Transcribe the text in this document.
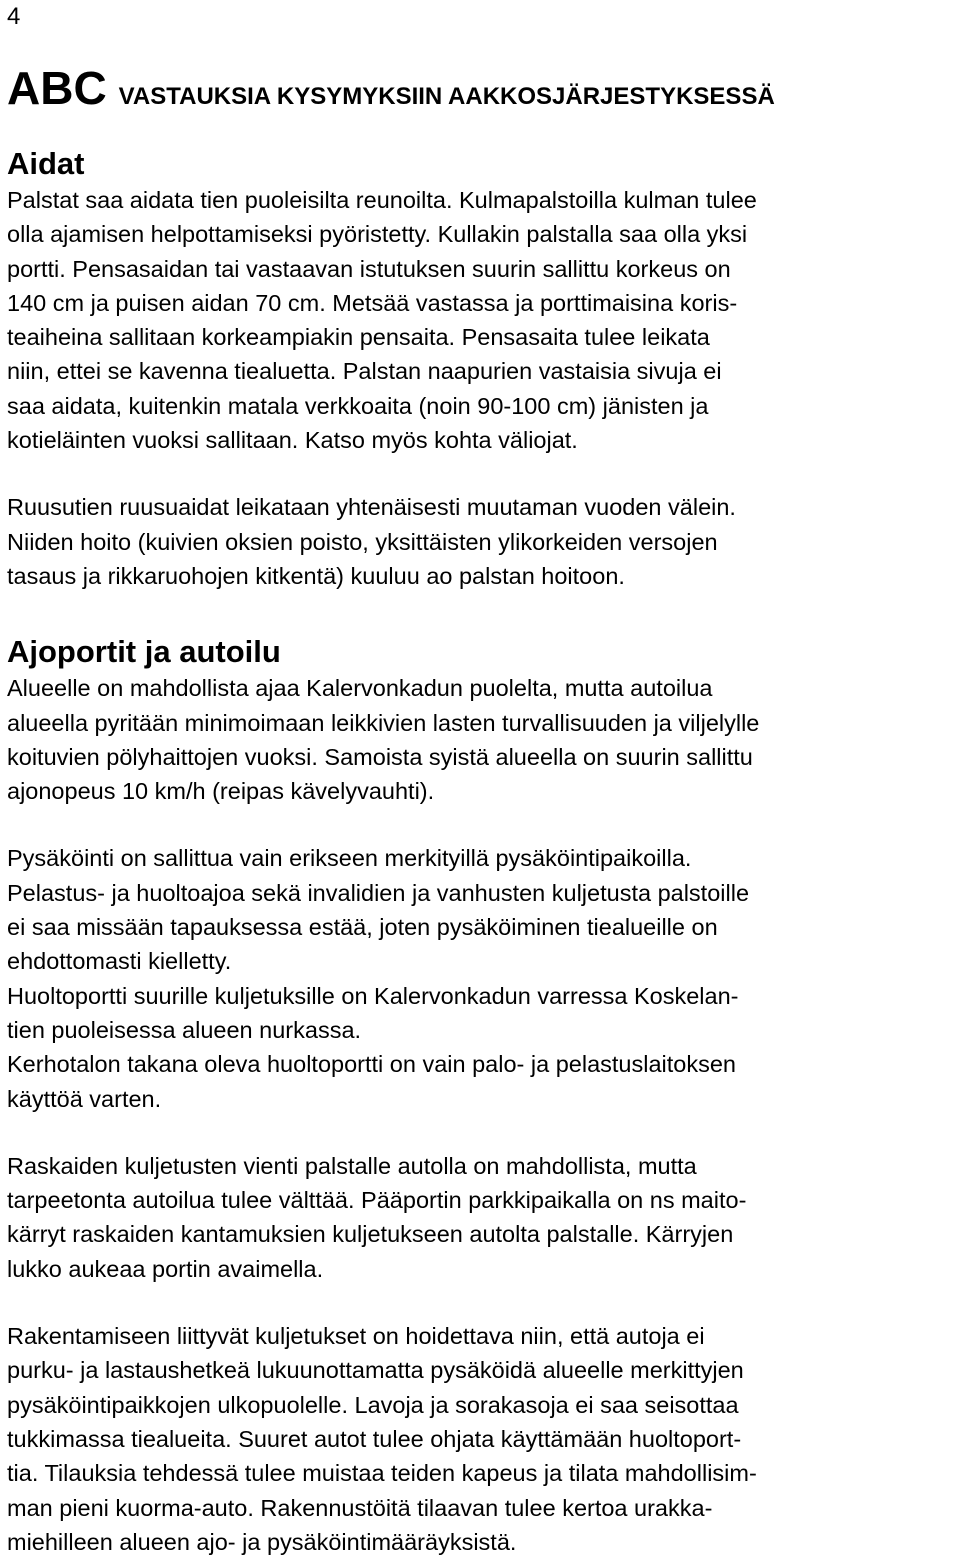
4
ABC VASTAUKSIA KYSYMYKSIIN AAKKOSJÄRJESTYKSESSÄ
Aidat

Palstat saa aidata tien puoleisilta reunoilta. Kulmapalstoilla kulman tulee
olla ajamisen helpottamiseksi pyöristetty. Kullakin palstalla saa olla yksi
portti. Pensasaidan tai vastaavan istutuksen suurin sallittu korkeus on
140 cm ja puisen aidan 70 cm. Metsää vastassa ja porttimaisina koris-
teaiheina sallitaan korkeampiakin pensaita. Pensasaita tulee leikata
niin, ettei se kavenna tiealuetta. Palstan naapurien vastaisia sivuja ei
saa aidata, kuitenkin matala verkkoaita (noin 90-100 cm) jänisten ja
kotieläinten vuoksi sallitaan. Katso myös kohta väliojat.

Ruusutien ruusuaidat leikataan yhtenäisesti muutaman vuoden välein.
Niiden hoito (kuivien oksien poisto, yksittäisten ylikorkeiden versojen
tasaus ja rikkaruohojen kitkentä) kuuluu ao palstan hoitoon.

Ajoportit ja autoilu

Alueelle on mahdollista ajaa Kalervonkadun puolelta, mutta autoilua
alueella pyritään minimoimaan leikkivien lasten turvallisuuden ja viljelylle
koituvien pölyhaittojen vuoksi. Samoista syistä alueella on suurin sallittu
ajonopeus 10 km/h (reipas kävelyvauhti).

Pysäköinti on sallittua vain erikseen merkityillä pysäköintipaikoilla.
Pelastus- ja huoltoajoa sekä invalidien ja vanhusten kuljetusta palstoille
ei saa missään tapauksessa estää, joten pysäköiminen tiealueille on
ehdottomasti kielletty.

Huoltoportti suurille kuljetuksille on Kalervonkadun varressa Koskelan-
tien puoleisessa alueen nurkassa.

Kerhotalon takana oleva huoltoportti on vain palo- ja pelastuslaitoksen
käyttöä varten.

Raskaiden kuljetusten vienti palstalle autolla on mahdollista, mutta
tarpeetonta autoilua tulee välttää. Pääportin parkkipaikalla on ns maito-
kärryt raskaiden kantamuksien kuljetukseen autolta palstalle. Kärryjen
lukko aukeaa portin avaimella.

Rakentamiseen liittyvät kuljetukset on hoidettava niin, että autoja ei
purku- ja lastaushetkeä lukuunottamatta pysäköidä alueelle merkittyjen
pysäköintipaikkojen ulkopuolelle. Lavoja ja sorakasoja ei saa seisottaa
tukkimassa tiealueita. Suuret autot tulee ohjata käyttämään huoltoport-
tia. Tilauksia tehdessä tulee muistaa teiden kapeus ja tilata mahdollisim-
man pieni kuorma-auto. Rakennustöitä tilaavan tulee kertoa urakka-
miehilleen alueen ajo- ja pysäköintimääräyksistä.
